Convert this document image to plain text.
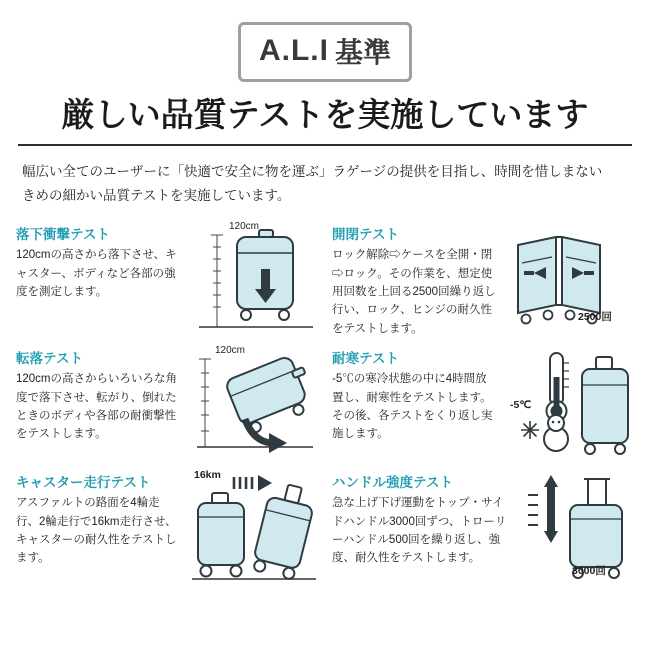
A.L.I 基準
厳しい品質テストを実施しています
幅広い全てのユーザーに「快適で安全に物を運ぶ」ラゲージの提供を目指し、時間を惜しまない
きめの細かい品質テストを実施しています。
落下衝撃テスト
120cmの高さから落下させ、キャスター、ボディなど各部の強度を測定します。
120cm
開閉テスト
ロック解除⇨ケースを全開・閉⇨ロック。その作業を、想定使用回数を上回る2500回繰り返し行い、ロック、ヒンジの耐久性をテストします。
2500回
転落テスト
120cmの高さからいろいろな角度で落下させ、転がり、倒れたときのボディや各部の耐衝撃性をテストします。
120cm
耐寒テスト
-5℃の寒冷状態の中に4時間放置し、耐寒性をテストします。その後、各テストをくり返し実施します。
-5℃
キャスター走行テスト
アスファルトの路面を4輪走行、2輪走行で16km走行させ、キャスターの耐久性をテストします。
16km	ハンドル強度テスト
急な上げ下げ運動をトップ・サイドハンドル3000回ずつ、トローリーハンドル500回を繰り返し、強度、耐久性をテストします。
3000回
